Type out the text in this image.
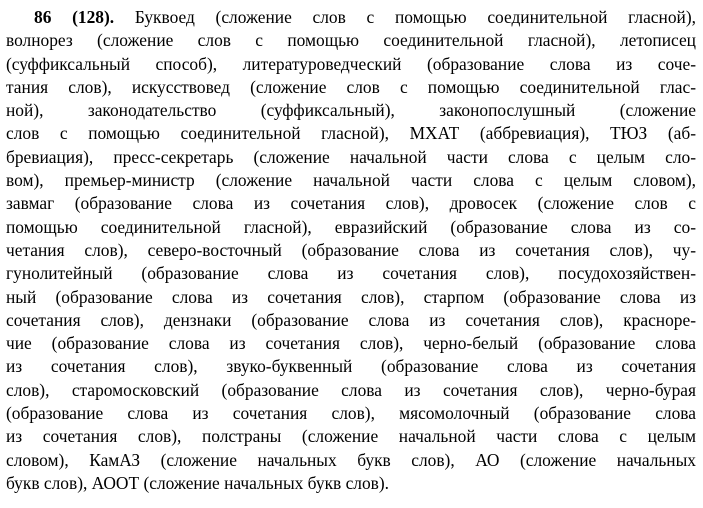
86 (128). Буквоед (сложение слов с помощью соединительной гласной),

волнорез (сложение слов с помощью соединительной гласной), летописец

(суффиксальный способ), литературоведческий (образование слова из соче-

тания слов), искусствовед (сложение слов с помощью соединительной глас-

ной), законодательство (суффиксальный), законопослушный (сложение

слов с помощью соединительной гласной), МХАТ (аббревиация), ТЮЗ (аб-

бревиация), пресс-секретарь (сложение начальной части слова с целым сло-

вом), премьер-министр (сложение начальной части слова с целым словом),

завмаг (образование слова из сочетания слов), дровосек (сложение слов с

помощью соединительной гласной), евразийский (образование слова из со-

четания слов), северо-восточный (образование слова из сочетания слов), чу-

гунолитейный (образование слова из сочетания слов), посудохозяйствен-

ный (образование слова из сочетания слов), старпом (образование слова из

сочетания слов), дензнаки (образование слова из сочетания слов), красноре-

чие (образование слова из сочетания слов), черно-белый (образование слова

из сочетания слов), звуко-буквенный (образование слова из сочетания

слов), старомосковский (образование слова из сочетания слов), черно-бурая

(образование слова из сочетания слов), мясомолочный (образование слова

из сочетания слов), полстраны (сложение начальной части слова с целым

словом), КамАЗ (сложение начальных букв слов), АО (сложение начальных

букв слов), АООТ (сложение начальных букв слов).
